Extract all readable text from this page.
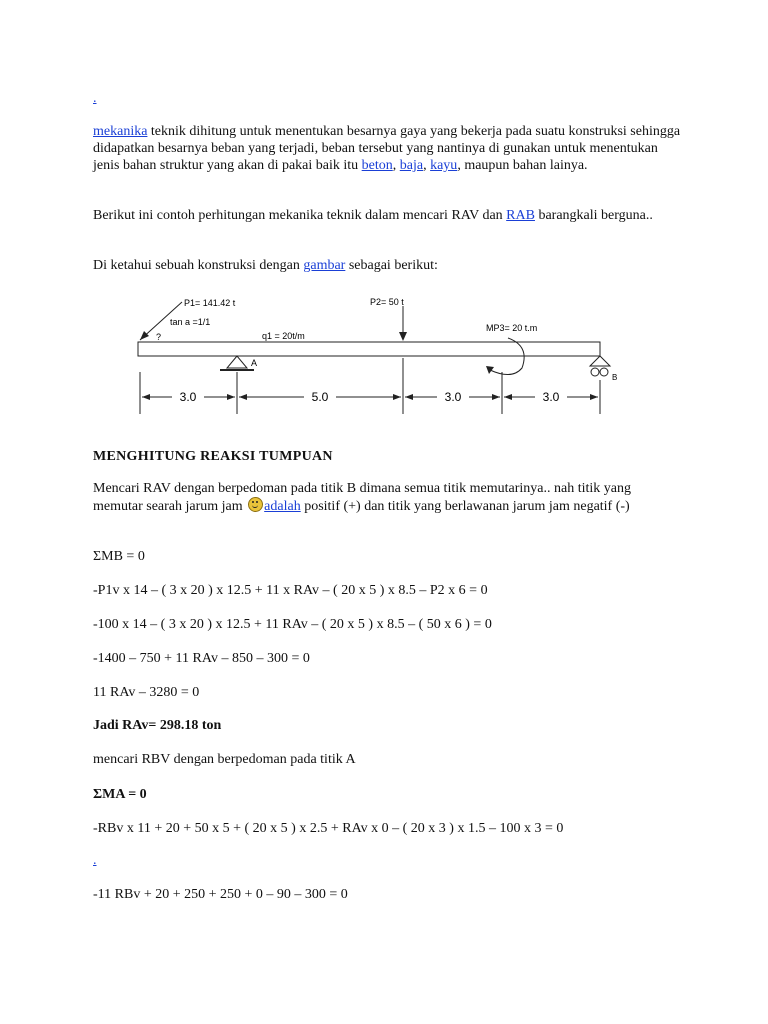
.
mekanika teknik dihitung untuk menentukan besarnya gaya yang bekerja pada suatu konstruksi sehingga didapatkan besarnya beban yang terjadi, beban tersebut yang nantinya di gunakan untuk menentukan jenis bahan struktur yang akan di pakai baik itu beton, baja, kayu, maupun bahan lainya.
Berikut ini contoh perhitungan mekanika teknik dalam mencari RAV dan RAB barangkali berguna..
Di ketahui sebuah konstruksi dengan gambar sebagai berikut:
MENGHITUNG REAKSI TUMPUAN
Mencari RAV dengan berpedoman pada titik B dimana semua titik memutarinya.. nah titik yang memutar searah jarum jam adalah positif (+) dan titik yang berlawanan jarum jam negatif (-)
ΣMB = 0
-P1v x 14 – ( 3 x 20 ) x 12.5 + 11 x RAv – ( 20 x 5 ) x 8.5 – P2 x 6 = 0
-100 x 14 – ( 3 x 20 ) x 12.5 + 11 RAv – ( 20 x 5 ) x 8.5 – ( 50 x 6 ) = 0
-1400 – 750 + 11 RAv – 850 – 300 = 0
11 RAv – 3280 = 0
Jadi RAv= 298.18 ton
mencari RBV dengan berpedoman pada titik A
ΣMA = 0
-RBv x 11 + 20 + 50 x 5 + ( 20 x 5 ) x 2.5 + RAv x 0 – ( 20 x 3 ) x 1.5 – 100 x 3 = 0
.
-11 RBv + 20 + 250 + 250 + 0 – 90 – 300 = 0
P1= 141.42 t
tan a =1/1
?	q1 = 20t/m
P2= 50 t
MP3= 20 t.m
A
B
3.0	5.0	3.0	3.0
